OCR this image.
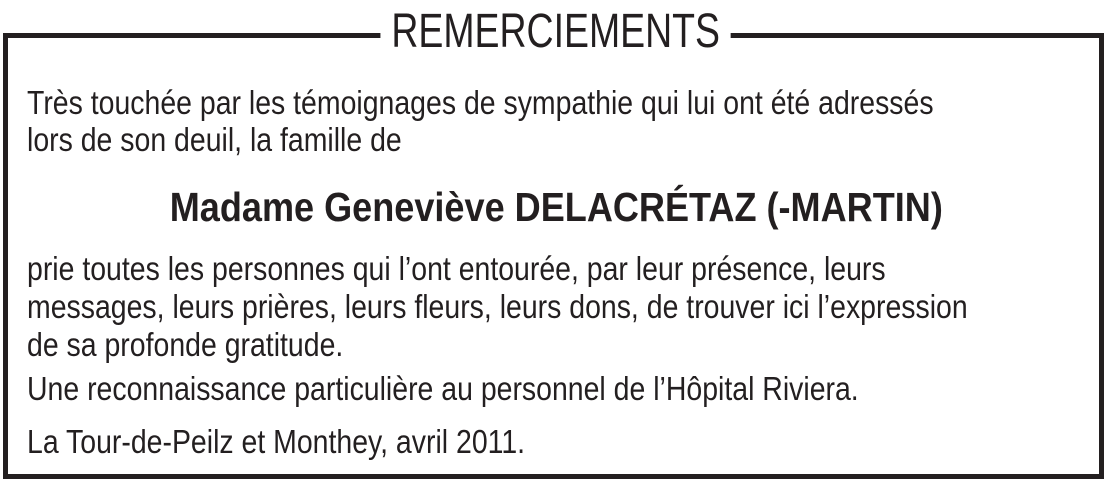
REMERCIEMENTS
Très touchée par les témoignages de sympathie qui lui ont été adressés
lors de son deuil, la famille de
Madame Geneviève DELACRÉTAZ (-MARTIN)
prie toutes les personnes qui l’ont entourée, par leur présence, leurs
messages, leurs prières, leurs fleurs, leurs dons, de trouver ici l’expression
de sa profonde gratitude.
Une reconnaissance particulière au personnel de l’Hôpital Riviera.
La Tour-de-Peilz et Monthey, avril 2011.
